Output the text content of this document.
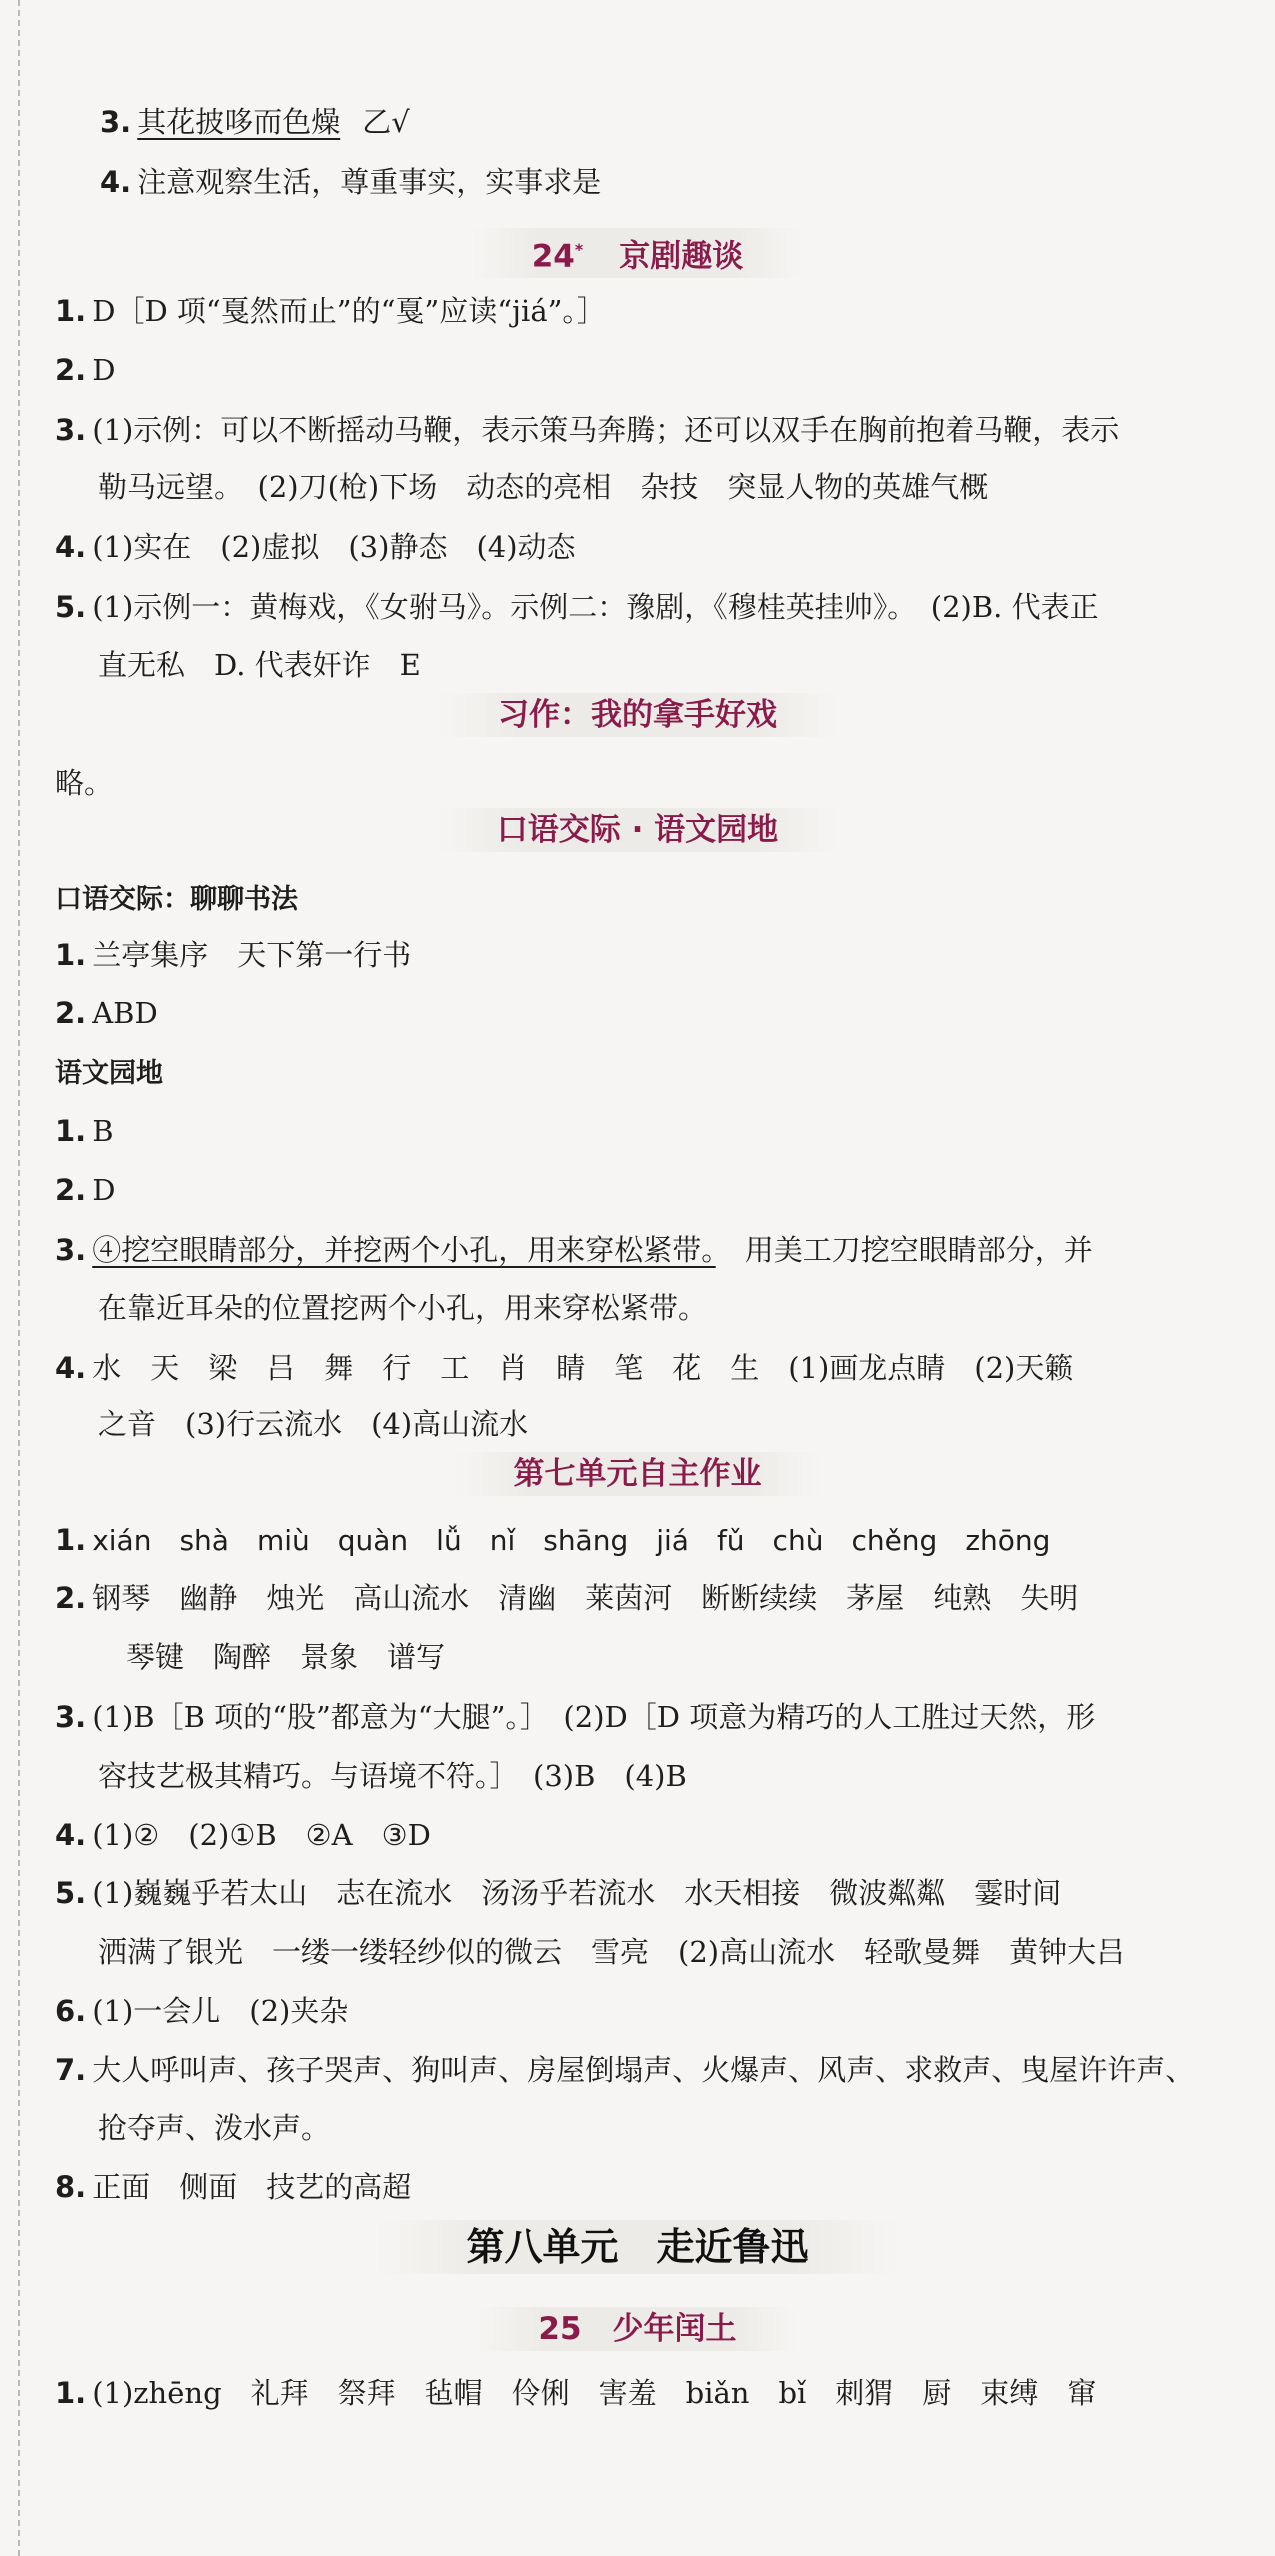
3. 其花披哆而色燥 乙√
4. 注意观察生活，尊重事实，实事求是
24* 京剧趣谈
1. D［D 项“戛然而止”的“戛”应读“jiá”。］
2. D
3. (1)示例：可以不断摇动马鞭，表示策马奔腾；还可以双手在胸前抱着马鞭，表示
勒马远望。　(2)刀(枪)下场　动态的亮相　杂技　突显人物的英雄气概
4. (1)实在　(2)虚拟　(3)静态　(4)动态
5. (1)示例一：黄梅戏，《女驸马》。示例二：豫剧，《穆桂英挂帅》。　(2)B. 代表正
直无私　D. 代表奸诈　E
习作：我的拿手好戏
略。
口语交际 · 语文园地
口语交际：聊聊书法
1. 兰亭集序　天下第一行书
2. ABD
语文园地
1. B
2. D
3. ④挖空眼睛部分，并挖两个小孔，用来穿松紧带。　用美工刀挖空眼睛部分，并
在靠近耳朵的位置挖两个小孔，用来穿松紧带。
4. 水　天　梁　吕　舞　行　工　肖　睛　笔　花　生　(1)画龙点睛　(2)天籁
之音　(3)行云流水　(4)高山流水
第七单元自主作业
1. xián　shà　miù　quàn　lǚ　nǐ　shāng　jiá　fǔ　chù　chěng　zhōng
2. 钢琴　幽静　烛光　高山流水　清幽　莱茵河　断断续续　茅屋　纯熟　失明
琴键　陶醉　景象　谱写
3. (1)B［B 项的“股”都意为“大腿”。］　(2)D［D 项意为精巧的人工胜过天然，形
容技艺极其精巧。与语境不符。］　(3)B　(4)B
4. (1)②　(2)①B　②A　③D
5. (1)巍巍乎若太山　志在流水　汤汤乎若流水　水天相接　微波粼粼　霎时间
洒满了银光　一缕一缕轻纱似的微云　雪亮　(2)高山流水　轻歌曼舞　黄钟大吕
6. (1)一会儿　(2)夹杂
7. 大人呼叫声、孩子哭声、狗叫声、房屋倒塌声、火爆声、风声、求救声、曳屋许许声、
抢夺声、泼水声。
8. 正面　侧面　技艺的高超
第八单元　走近鲁迅
25　少年闰土
1. (1)zhēng　礼拜　祭拜　毡帽　伶俐　害羞　biǎn　bǐ　刺猬　厨　束缚　窜
